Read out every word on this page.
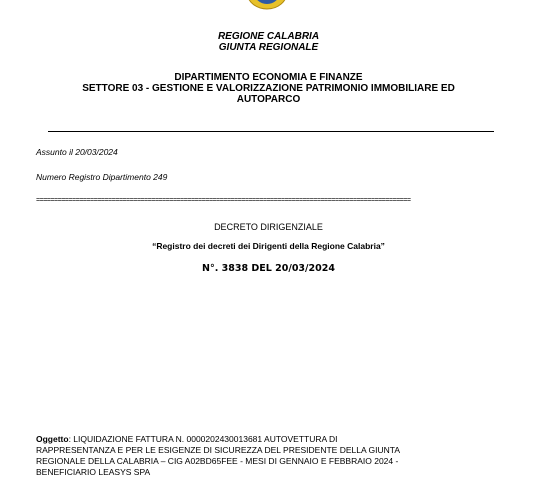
REGIONE CALABRIA
GIUNTA REGIONALE
DIPARTIMENTO ECONOMIA E FINANZE
SETTORE 03 - GESTIONE E VALORIZZAZIONE PATRIMONIO IMMOBILIARE ED
AUTOPARCO
Assunto il 20/03/2024
Numero Registro Dipartimento 249
========================================================================================================
DECRETO DIRIGENZIALE
“Registro dei decreti dei Dirigenti della Regione Calabria”
N°. 3838 DEL 20/03/2024
Oggetto: LIQUIDAZIONE FATTURA N. 0000202430013681 AUTOVETTURA DI
RAPPRESENTANZA E PER LE ESIGENZE DI SICUREZZA DEL PRESIDENTE DELLA GIUNTA
REGIONALE DELLA CALABRIA – CIG A02BD65FEE - MESI DI GENNAIO E FEBBRAIO 2024 -
BENEFICIARIO LEASYS SPA
